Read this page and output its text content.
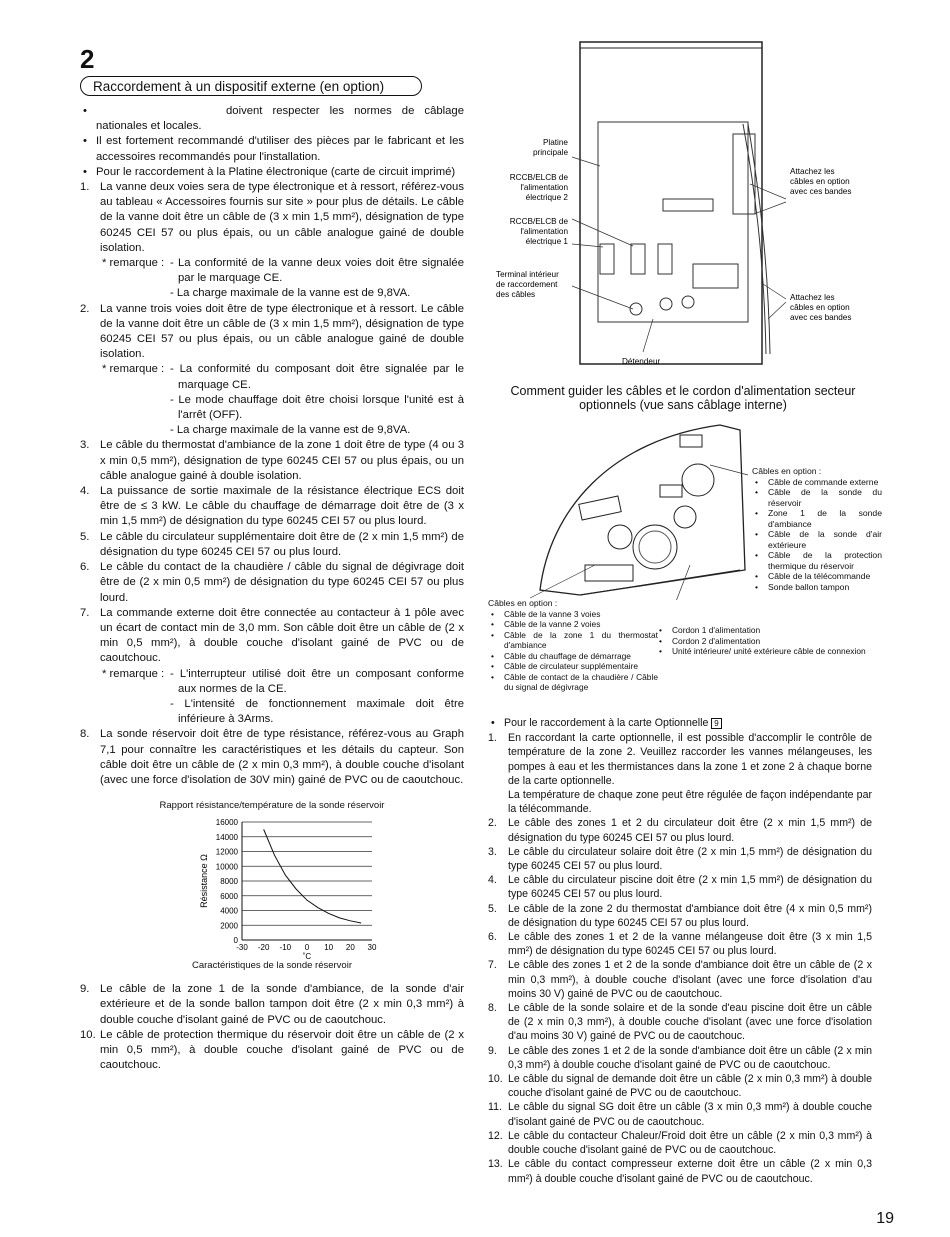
2
Raccordement à un dispositif externe (en option)
• doivent respecter les normes de câblage nationales et locales.
• Il est fortement recommandé d'utiliser des pièces par le fabricant et les accessoires recommandés pour l'installation.
• Pour le raccordement à la Platine électronique (carte de circuit imprimé)
1. La vanne deux voies sera de type électronique et à ressort, référez-vous au tableau « Accessoires fournis sur site » pour plus de détails. Le câble de la vanne doit être un câble de (3 x min 1,5 mm²), désignation de type 60245 CEI 57 ou plus épais, ou un câble analogue gainé de double isolation.
* remarque : - La conformité de la vanne deux voies doit être signalée par le marquage CE.
- La charge maximale de la vanne est de 9,8VA.
2. La vanne trois voies doit être de type électronique et à ressort. Le câble de la vanne doit être un câble de (3 x min 1,5 mm²), désignation de type 60245 CEI 57 ou plus épais, ou un câble analogue gainé de double isolation.
* remarque : - La conformité du composant doit être signalée par le marquage CE.
- Le mode chauffage doit être choisi lorsque l'unité est à l'arrêt (OFF).
- La charge maximale de la vanne est de 9,8VA.
3. Le câble du thermostat d'ambiance de la zone 1 doit être de type (4 ou 3 x min 0,5 mm²), désignation de type 60245 CEI 57 ou plus épais, ou un câble analogue gainé à double isolation.
4. La puissance de sortie maximale de la résistance électrique ECS doit être de ≤ 3 kW. Le câble du chauffage de démarrage doit être de (3 x min 1,5 mm²) de désignation du type 60245 CEI 57 ou plus lourd.
5. Le câble du circulateur supplémentaire doit être de (2 x min 1,5 mm²) de désignation du type 60245 CEI 57 ou plus lourd.
6. Le câble du contact de la chaudière / câble du signal de dégivrage doit être de (2 x min 0,5 mm²) de désignation du type 60245 CEI 57 ou plus lourd.
7. La commande externe doit être connectée au contacteur à 1 pôle avec un écart de contact min de 3,0 mm. Son câble doit être un câble de (2 x min 0,5 mm²), à double couche d'isolant gainé de PVC ou de caoutchouc.
* remarque : - L'interrupteur utilisé doit être un composant conforme aux normes de la CE.
- L'intensité de fonctionnement maximale doit être inférieure à 3Arms.
8. La sonde réservoir doit être de type résistance, référez-vous au Graph 7,1 pour connaître les caractéristiques et les détails du capteur. Son câble doit être un câble de (2 x min 0,3 mm²), à double couche d'isolant (avec une force d'isolation de 30V min) gainé de PVC ou de caoutchouc.
Rapport résistance/température de la sonde réservoir
0
2000
4000
6000
8000
10000
12000
14000
16000
-30 -20 -10 0 10 20 30
˚C
Résistance Ω
Caractéristiques de la sonde réservoir
9. Le câble de la zone 1 de la sonde d'ambiance, de la sonde d'air extérieure et de la sonde ballon tampon doit être (2 x min 0,3 mm²) à double couche d'isolant gainé de PVC ou de caoutchouc.
10. Le câble de protection thermique du réservoir doit être un câble de (2 x min 0,5 mm²), à double couche d'isolant gainé de PVC ou de caoutchouc.
Platine principale
RCCB/ELCB de l'alimentation électrique 2
RCCB/ELCB de l'alimentation électrique 1
Terminal intérieur de raccordement des câbles
Détendeur
Attachez les câbles en option avec ces bandes
Attachez les câbles en option avec ces bandes
Comment guider les câbles et le cordon d'alimentation secteur optionnels (vue sans câblage interne)
Câbles en option :
• Câble de commande externe
• Câble de la sonde du réservoir
• Zone 1 de la sonde d'ambiance
• Câble de la sonde d'air extérieure
• Câble de la protection thermique du réservoir
• Câble de la télécommande
• Sonde ballon tampon
Câbles en option :
• Câble de la vanne 3 voies
• Câble de la vanne 2 voies
• Câble de la zone 1 du thermostat d'ambiance
• Câble du chauffage de démarrage
• Câble de circulateur supplémentaire
• Câble de contact de la chaudière / Câble du signal de dégivrage
• Cordon 1 d'alimentation
• Cordon 2 d'alimentation
• Unité intérieure/ unité extérieure câble de connexion
• Pour le raccordement à la carte Optionnelle 9
1. En raccordant la carte optionnelle, il est possible d'accomplir le contrôle de température de la zone 2. Veuillez raccorder les vannes mélangeuses, les pompes à eau et les thermistances dans la zone 1 et zone 2 à chaque borne de la carte optionnelle.
La température de chaque zone peut être régulée de façon indépendante par la télécommande.
2. Le câble des zones 1 et 2 du circulateur doit être (2 x min 1,5 mm²) de désignation du type 60245 CEI 57 ou plus lourd.
3. Le câble du circulateur solaire doit être (2 x min 1,5 mm²) de désignation du type 60245 CEI 57 ou plus lourd.
4. Le câble du circulateur piscine doit être (2 x min 1,5 mm²) de désignation du type 60245 CEI 57 ou plus lourd.
5. Le câble de la zone 2 du thermostat d'ambiance doit être (4 x min 0,5 mm²) de désignation du type 60245 CEI 57 ou plus lourd.
6. Le câble des zones 1 et 2 de la vanne mélangeuse doit être (3 x min 1,5 mm²) de désignation du type 60245 CEI 57 ou plus lourd.
7. Le câble des zones 1 et 2 de la sonde d'ambiance doit être un câble de (2 x min 0,3 mm²), à double couche d'isolant (avec une force d'isolation d'au moins 30 V) gainé de PVC ou de caoutchouc.
8. Le câble de la sonde solaire et de la sonde d'eau piscine doit être un câble de (2 x min 0,3 mm²), à double couche d'isolant (avec une force d'isolation d'au moins 30 V) gainé de PVC ou de caoutchouc.
9. Le câble des zones 1 et 2 de la sonde d'ambiance doit être un câble (2 x min 0,3 mm²) à double couche d'isolant gainé de PVC ou de caoutchouc.
10. Le câble du signal de demande doit être un câble (2 x min 0,3 mm²) à double couche d'isolant gainé de PVC ou de caoutchouc.
11. Le câble du signal SG doit être un câble (3 x min 0,3 mm²) à double couche d'isolant gainé de PVC ou de caoutchouc.
12. Le câble du contacteur Chaleur/Froid doit être un câble (2 x min 0,3 mm²) à double couche d'isolant gainé de PVC ou de caoutchouc.
13. Le câble du contact compresseur externe doit être un câble (2 x min 0,3 mm²) à double couche d'isolant gainé de PVC ou de caoutchouc.
19
